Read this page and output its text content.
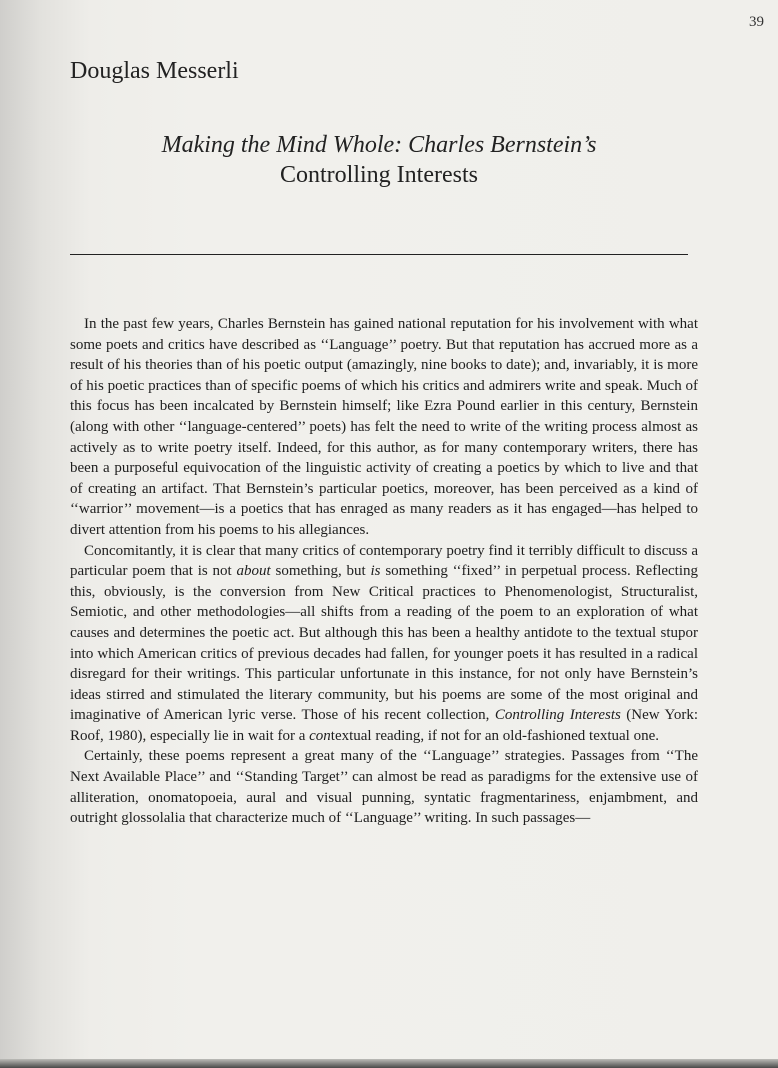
39
Douglas Messerli
Making the Mind Whole: Charles Bernstein’s
Controlling Interests

In the past few years, Charles Bernstein has gained national reputation for his involvement with what some poets and critics have described as ‘‘Language’’ poetry. But that reputation has accrued more as a result of his theories than of his poetic output (amazingly, nine books to date); and, invariably, it is more of his poetic practices than of specific poems of which his critics and admirers write and speak. Much of this focus has been incalcated by Bernstein himself; like Ezra Pound earlier in this century, Bernstein (along with other ‘‘language-centered’’ poets) has felt the need to write of the writing process almost as actively as to write poetry itself. Indeed, for this author, as for many contemporary writers, there has been a purposeful equivocation of the linguistic activity of creating a poetics by which to live and that of creating an artifact. That Bernstein’s particular poetics, moreover, has been perceived as a kind of ‘‘warrior’’ movement—is a poetics that has enraged as many readers as it has engaged—has helped to divert attention from his poems to his allegiances.

Concomitantly, it is clear that many critics of contemporary poetry find it terribly difficult to discuss a particular poem that is not about something, but is something ‘‘fixed’’ in perpetual process. Reflecting this, obviously, is the conversion from New Critical practices to Phenomenologist, Structuralist, Semiotic, and other methodologies—all shifts from a reading of the poem to an exploration of what causes and determines the poetic act. But although this has been a healthy antidote to the textual stupor into which American critics of previous decades had fallen, for younger poets it has resulted in a radical disregard for their writings. This particular unfortunate in this instance, for not only have Bernstein’s ideas stirred and stimulated the literary community, but his poems are some of the most original and imaginative of American lyric verse. Those of his recent collection, Controlling Interests (New York: Roof, 1980), especially lie in wait for a contextual reading, if not for an old-fashioned textual one.

Certainly, these poems represent a great many of the ‘‘Language’’ strategies. Passages from ‘‘The Next Available Place’’ and ‘‘Standing Target’’ can almost be read as paradigms for the extensive use of alliteration, onomatopoeia, aural and visual punning, syntatic fragmentariness, enjambment, and outright glossolalia that characterize much of ‘‘Language’’ writing. In such passages—
